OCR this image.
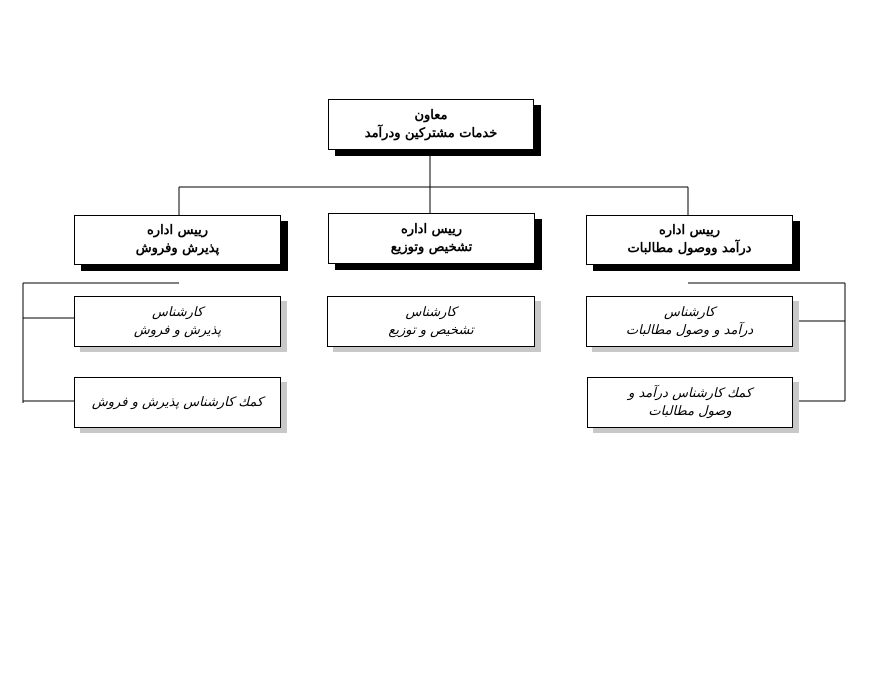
معاون
خدمات مشترکین ودرآمد
رييس اداره
پذيرش وفروش
رييس اداره
تشخيص وتوزيع
رييس اداره
درآمد ووصول مطالبات
كارشناس
پذيرش و فروش
كارشناس
تشخيص و توزيع
كارشناس
درآمد و وصول مطالبات
كمك كارشناس پذيرش و فروش
كمك كارشناس درآمد و
وصول مطالبات
